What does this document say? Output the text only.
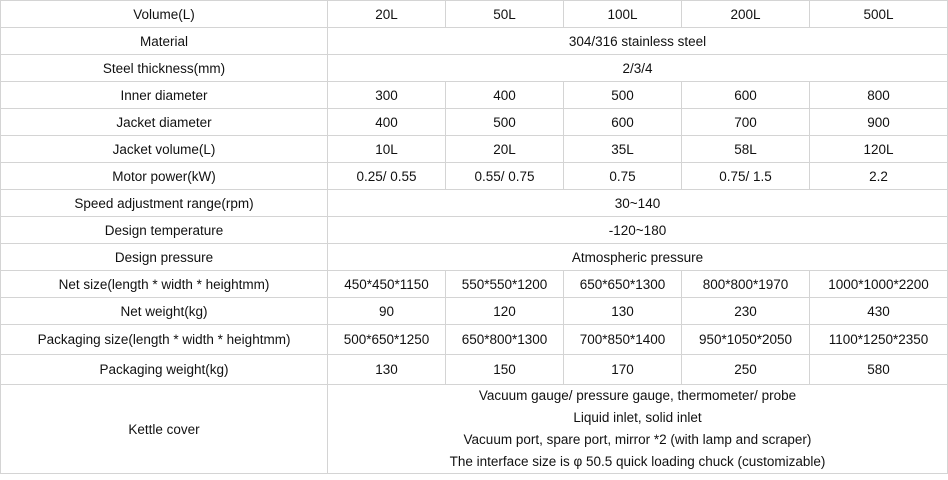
Volume(L)	20L	50L	100L	200L	500L
Material	304/316 stainless steel				
Steel thickness(mm)	2/3/4				
Inner diameter	300	400	500	600	800
Jacket diameter	400	500	600	700	900
Jacket volume(L)	10L	20L	35L	58L	120L
Motor power(kW)	0.25/ 0.55	0.55/ 0.75	0.75	0.75/ 1.5	2.2
Speed adjustment range(rpm)	30~140				
Design temperature	-120~180				
Design pressure	Atmospheric pressure				
Net size(length * width * heightmm)	450*450*1150	550*550*1200	650*650*1300	800*800*1970	1000*1000*2200
Net weight(kg)	90	120	130	230	430
Packaging size(length * width * heightmm)	500*650*1250	650*800*1300	700*850*1400	950*1050*2050	1100*1250*2350
Packaging weight(kg)	130	150	170	250	580
Kettle cover	Vacuum gauge/ pressure gauge, thermometer/ probe
Liquid inlet, solid inlet
Vacuum port, spare port, mirror *2 (with lamp and scraper)
The interface size is φ 50.5 quick loading chuck (customizable)				
